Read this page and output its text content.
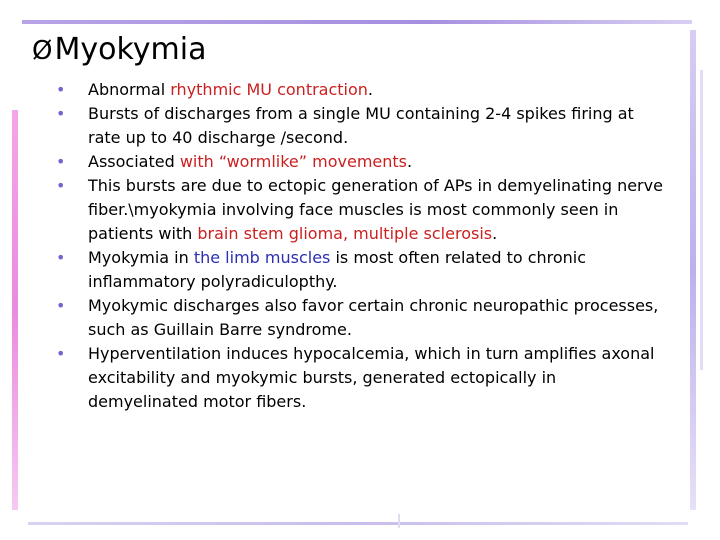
ØMyokymia
• Abnormal rhythmic MU contraction.
• Bursts of discharges from a single MU containing 2-4 spikes firing at rate up to 40 discharge /second.
• Associated with “wormlike” movements.
• This bursts are due to ectopic generation of APs in demyelinating nerve fiber.\myokymia involving face muscles is most commonly seen in patients with brain stem glioma, multiple sclerosis.
• Myokymia in the limb muscles is most often related to chronic inflammatory polyradiculopthy.
• Myokymic discharges also favor certain chronic neuropathic processes, such as Guillain Barre syndrome.
• Hyperventilation induces hypocalcemia, which in turn amplifies axonal excitability and myokymic bursts, generated ectopically in demyelinated motor fibers.
